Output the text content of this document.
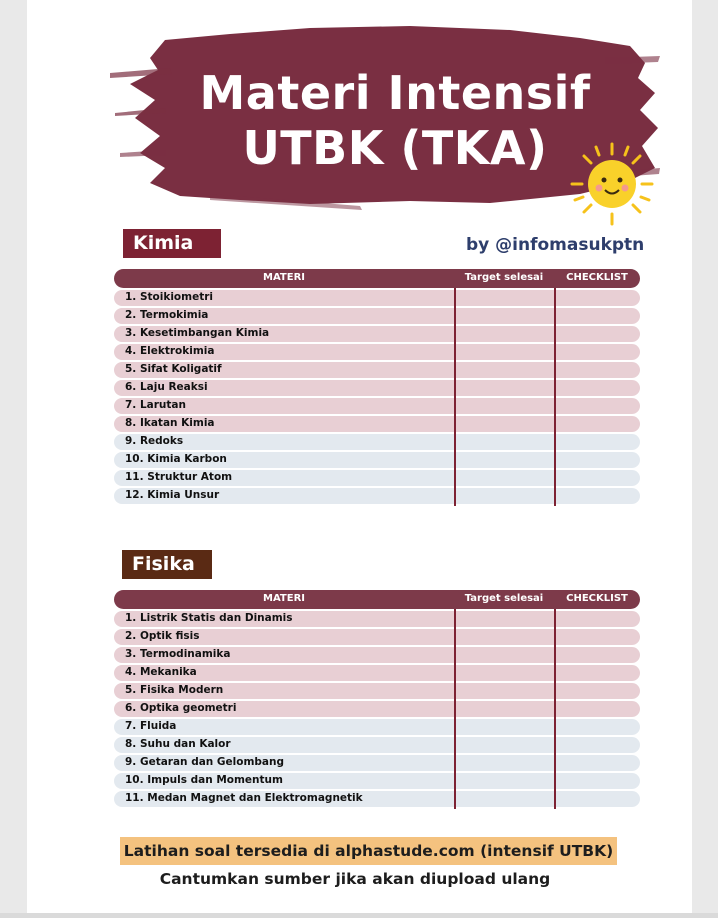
Materi Intensif
UTBK (TKA)
Kimia	by @infomasukptn
MATERI	Target selesai	CHECKLIST
1. Stoikiometri
2. Termokimia
3. Kesetimbangan Kimia
4. Elektrokimia
5. Sifat Koligatif
6. Laju Reaksi
7. Larutan
8. Ikatan Kimia
9. Redoks
10. Kimia Karbon
11. Struktur Atom
12. Kimia Unsur
Fisika
MATERI	Target selesai	CHECKLIST
1. Listrik Statis dan Dinamis
2. Optik fisis
3. Termodinamika
4. Mekanika
5. Fisika Modern
6. Optika geometri
7. Fluida
8. Suhu dan Kalor
9. Getaran dan Gelombang
10. Impuls dan Momentum
11. Medan Magnet dan Elektromagnetik
Latihan soal tersedia di alphastude.com (intensif UTBK)
Cantumkan sumber jika akan diupload ulang
